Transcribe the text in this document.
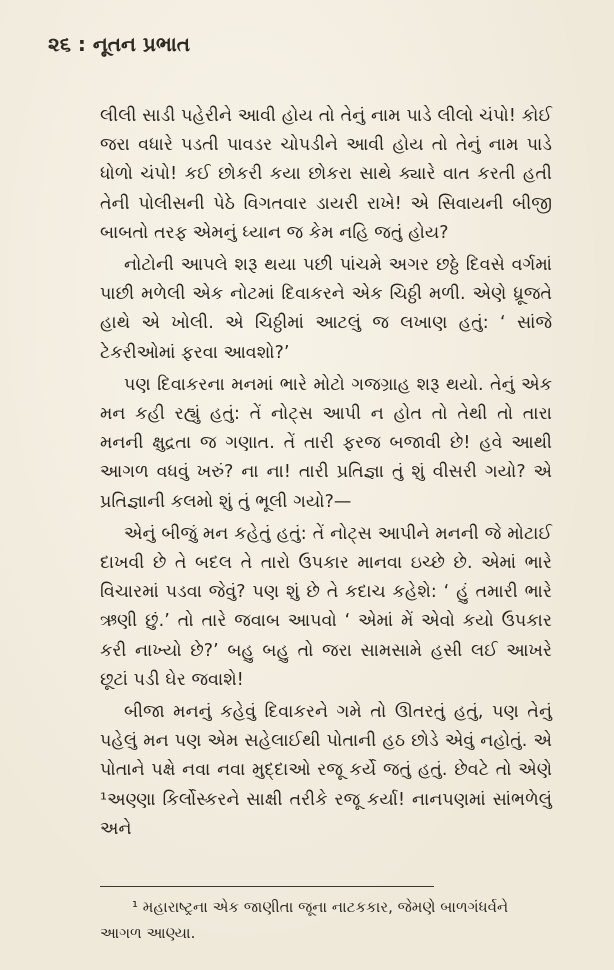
૨૬ : નૂતન પ્રભાત

લીલી સાડી પહેરીને આવી હોય તો તેનું નામ પાડે લીલો ચંપો! કોઈ જરા વધારે પડતી પાવડર ચોપડીને આવી હોય તો તેનું નામ પાડે ધોળો ચંપો! કઈ છોકરી કયા છોકરા સાથે ક્યારે વાત કરતી હતી તેની પોલીસની પેઠે વિગતવાર ડાયરી રાખે! એ સિવાયની બીજી બાબતો તરફ એમનું ધ્યાન જ કેમ નહિ જતું હોય?

નોટોની આપલે શરૂ થયા પછી પાંચમે અગર છઠ્ઠે દિવસે વર્ગમાં પાછી મળેલી એક નોટમાં દિવાકરને એક ચિઠ્ઠી મળી. એણે ધ્રૂજતે હાથે એ ખોલી. એ ચિઠ્ઠીમાં આટલું જ લખાણ હતું: ‘ સાંજે ટેકરીઓમાં ફરવા આવશો?’

પણ દિવાકરના મનમાં ભારે મોટો ગજગ્રાહ શરૂ થયો. તેનું એક મન કહી રહ્યું હતું: તેં નોટ્સ આપી ન હોત તો તેથી તો તારા મનની ક્ષુદ્રતા જ ગણાત. તેં તારી ફરજ બજાવી છે! હવે આથી આગળ વધવું ખરું? ના ના! તારી પ્રતિજ્ઞા તું શું વીસરી ગયો? એ પ્રતિજ્ઞાની કલમો શું તું ભૂલી ગયો?—

એનું બીજું મન કહેતું હતું: તેં નોટ્સ આપીને મનની જે મોટાઈ દાખવી છે તે બદલ તે તારો ઉપકાર માનવા ઇચ્છે છે. એમાં ભારે વિચારમાં પડવા જેવું? પણ શું છે તે કદાચ કહેશે: ‘ હું તમારી ભારે ઋણી છું.’ તો તારે જવાબ આપવો ‘ એમાં મેં એવો કયો ઉપકાર કરી નાખ્યો છે?’ બહુ બહુ તો જરા સામસામે હસી લઈ આખરે છૂટાં પડી ઘેર જવાશે!

બીજા મનનું કહેવું દિવાકરને ગમે તો ઊતરતું હતું, પણ તેનું પહેલું મન પણ એમ સહેલાઈથી પોતાની હઠ છોડે એવું નહોતું. એ પોતાને પક્ષે નવા નવા મુદ્દાઓ રજૂ કર્યે જતું હતું. છેવટે તો એણે ¹અણ્ણા કિર્લોસ્કરને સાક્ષી તરીકે રજૂ કર્યા! નાનપણમાં સાંભળેલું અને

¹ મહારાષ્ટ્રના એક જાણીતા જૂના નાટકકાર, જેમણે બાળગંધર્વને આગળ આણ્યા.
